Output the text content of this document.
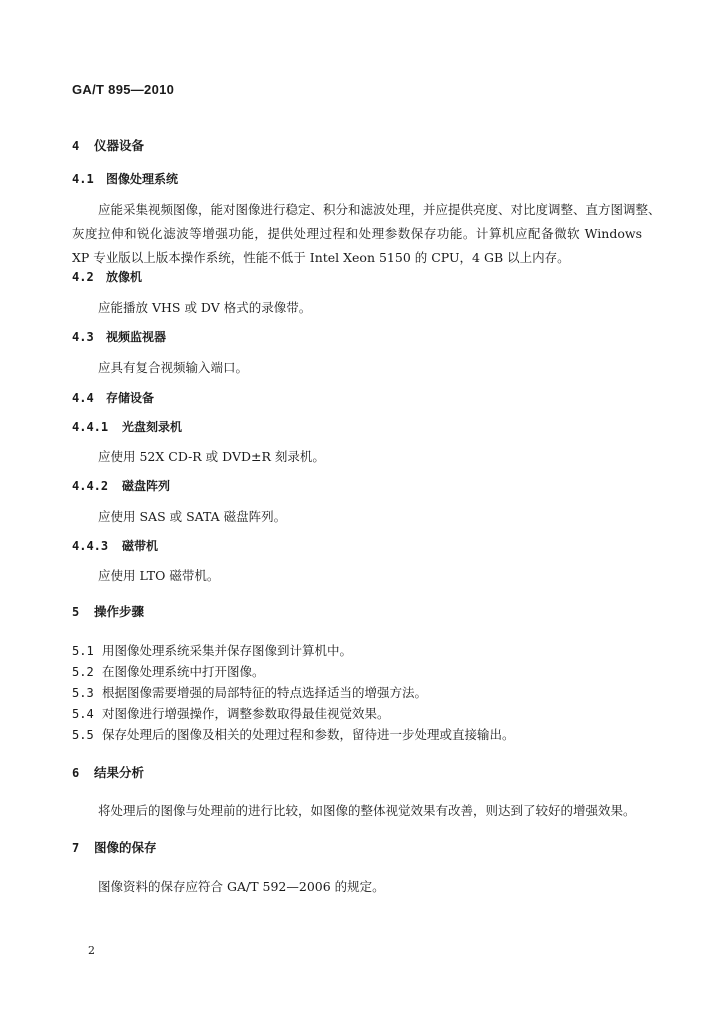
GA/T 895—2010
4 仪器设备
4.1 图像处理系统
应能采集视频图像，能对图像进行稳定、积分和滤波处理，并应提供亮度、对比度调整、直方图调整、
灰度拉伸和锐化滤波等增强功能，提供处理过程和处理参数保存功能。计算机应配备微软 Windows
XP 专业版以上版本操作系统，性能不低于 Intel Xeon 5150 的 CPU，4 GB 以上内存。
4.2 放像机
应能播放 VHS 或 DV 格式的录像带。
4.3 视频监视器
应具有复合视频输入端口。
4.4 存储设备
4.4.1 光盘刻录机
应使用 52X CD-R 或 DVD±R 刻录机。
4.4.2 磁盘阵列
应使用 SAS 或 SATA 磁盘阵列。
4.4.3 磁带机
应使用 LTO 磁带机。
5 操作步骤
5.1 用图像处理系统采集并保存图像到计算机中。
5.2 在图像处理系统中打开图像。
5.3 根据图像需要增强的局部特征的特点选择适当的增强方法。
5.4 对图像进行增强操作，调整参数取得最佳视觉效果。
5.5 保存处理后的图像及相关的处理过程和参数，留待进一步处理或直接输出。
6 结果分析
将处理后的图像与处理前的进行比较，如图像的整体视觉效果有改善，则达到了较好的增强效果。
7 图像的保存
图像资料的保存应符合 GA/T 592—2006 的规定。
2
